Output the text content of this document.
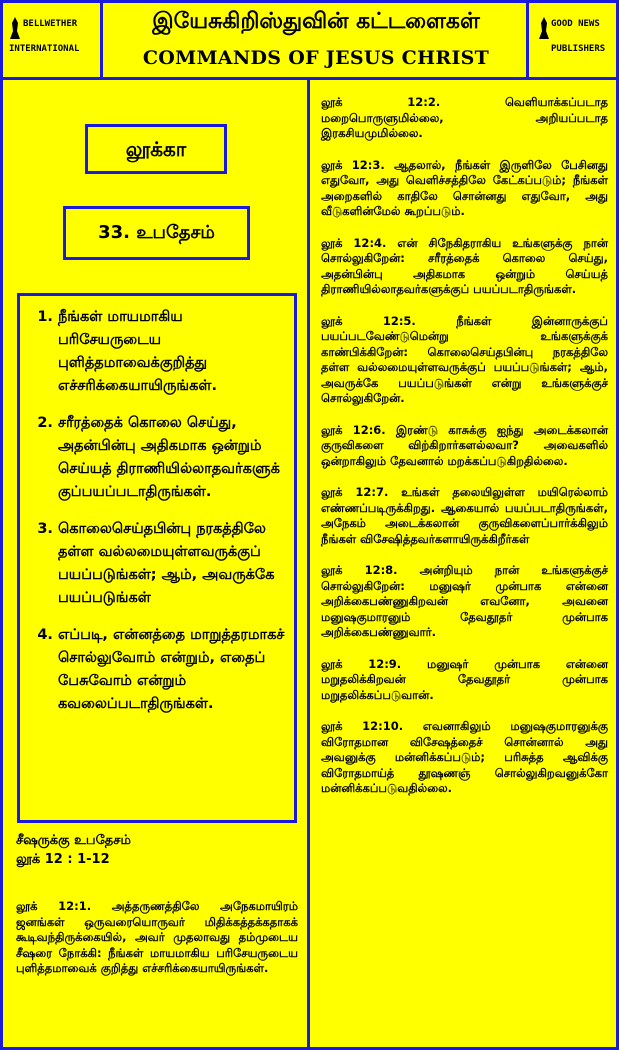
BELLWETHER
INTERNATIONAL
இயேசுகிறிஸ்துவின் கட்டளைகள்
COMMANDS OF JESUS CHRIST
GOOD NEWS
PUBLISHERS
லூக்கா
33. உபதேசம்
1. நீங்கள் மாயமாகிய பரிசேயருடைய புளித்தமாவைக்குறித்து எச்சரிக்கையாயிருங்கள்.
2. சரீரத்தைக் கொலை செய்து, அதன்பின்பு அதிகமாக ஒன்றும் செய்யத் திராணியில்லாதவர்களுக் குப்பயப்படாதிருங்கள்.
3. கொலைசெய்தபின்பு நரகத்திலே தள்ள வல்லமையுள்ளவருக்குப் பயப்படுங்கள்; ஆம், அவருக்கே பயப்படுங்கள்
4. எப்படி, என்னத்தை மாறுத்தரமாகச் சொல்லுவோம் என்றும், எதைப் பேசுவோம் என்றும் கவலைப்படாதிருங்கள்.
சீஷருக்கு உபதேசம்
லூக் 12 : 1-12
லூக் 12:1. அத்தருணத்திலே அநேகமாயிரம் ஜனங்கள் ஒருவரையொருவர் மிதிக்கத்தக்கதாகக் கூடிவந்திருக்கையில், அவர் முதலாவது தம்முடைய சீஷரை நோக்கி: நீங்கள் மாயமாகிய பரிசேயருடைய புளித்தமாவைக் குறித்து எச்சரிக்கையாயிருங்கள்.

லூக் 12:2. வெளியாக்கப்படாத மறைபொருளுமில்லை, அறியப்படாத இரகசியமுமில்லை.

லூக் 12:3. ஆதலால், நீங்கள் இருளிலே பேசினது எதுவோ, அது வெளிச்சத்திலே கேட்கப்படும்; நீங்கள் அறைகளில் காதிலே சொன்னது எதுவோ, அது வீடுகளின்மேல் கூறப்படும்.

லூக் 12:4. என் சிநேகிதராகிய உங்களுக்கு நான் சொல்லுகிறேன்: சரீரத்தைக் கொலை செய்து, அதன்பின்பு அதிகமாக ஒன்றும் செய்யத் திராணியில்லாதவர்களுக்குப் பயப்படாதிருங்கள்.

லூக் 12:5. நீங்கள் இன்னாருக்குப் பயப்படவேண்டுமென்று உங்களுக்குக் காண்பிக்கிறேன்: கொலைசெய்தபின்பு நரகத்திலே தள்ள வல்லமையுள்ளவருக்குப் பயப்படுங்கள்; ஆம், அவருக்கே பயப்படுங்கள் என்று உங்களுக்குச் சொல்லுகிறேன்.

லூக் 12:6. இரண்டு காசுக்கு ஐந்து அடைக்கலான் குருவிகளை விற்கிறார்களல்லவா? அவைகளில் ஒன்றாகிலும் தேவனால் மறக்கப்படுகிறதில்லை.

லூக் 12:7. உங்கள் தலையிலுள்ள மயிரெல்லாம் எண்ணப்படிருக்கிறது. ஆகையால் பயப்படாதிருங்கள், அநேகம் அடைக்கலான் குருவிகளைப்பார்க்கிலும் நீங்கள் விசேஷித்தவர்களாயிருக்கிறீர்கள்

லூக் 12:8. அன்றியும் நான் உங்களுக்குச் சொல்லுகிறேன்: மனுஷர் முன்பாக என்னை அறிக்கைபண்ணுகிறவன் எவனோ, அவனை மனுஷகுமாரனும் தேவதூதர் முன்பாக அறிக்கைபண்ணுவார்.

லூக் 12:9. மனுஷர் முன்பாக என்னை மறுதலிக்கிறவன் தேவதூதர் முன்பாக மறுதலிக்கப்படுவான்.

லூக் 12:10. எவனாகிலும் மனுஷகுமாரனுக்கு விரோதமான விசேஷத்தைச் சொன்னால் அது அவனுக்கு மன்னிக்கப்படும்; பரிசுத்த ஆவிக்கு விரோதமாய்த் தூஷணஞ் சொல்லுகிறவனுக்கோ மன்னிக்கப்படுவதில்லை.
